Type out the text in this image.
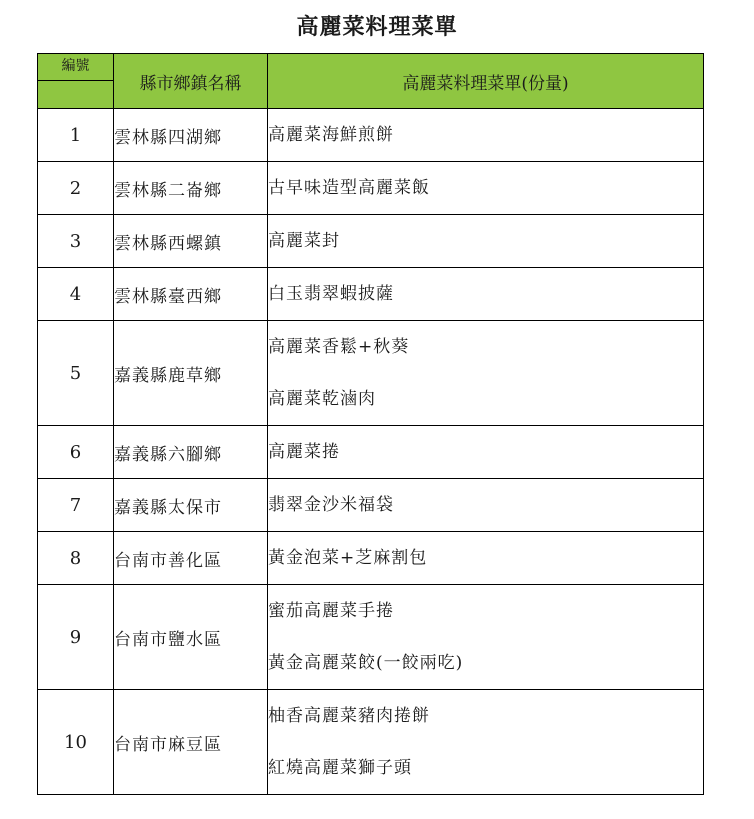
高麗菜料理菜單
編號	縣市鄉鎮名稱	高麗菜料理菜單(份量)
1	雲林縣四湖鄉	高麗菜海鮮煎餅

2	雲林縣二崙鄉	古早味造型高麗菜飯

3	雲林縣西螺鎮	高麗菜封

4	雲林縣臺西鄉	白玉翡翠蝦披薩

5	嘉義縣鹿草鄉	高麗菜香鬆+秋葵
高麗菜乾滷肉

6	嘉義縣六腳鄉	高麗菜捲

7	嘉義縣太保市	翡翠金沙米福袋

8	台南市善化區	黃金泡菜+芝麻割包

9	台南市鹽水區	蜜茄高麗菜手捲
黃金高麗菜餃(一餃兩吃)

10	台南市麻豆區	柚香高麗菜豬肉捲餅
紅燒高麗菜獅子頭
